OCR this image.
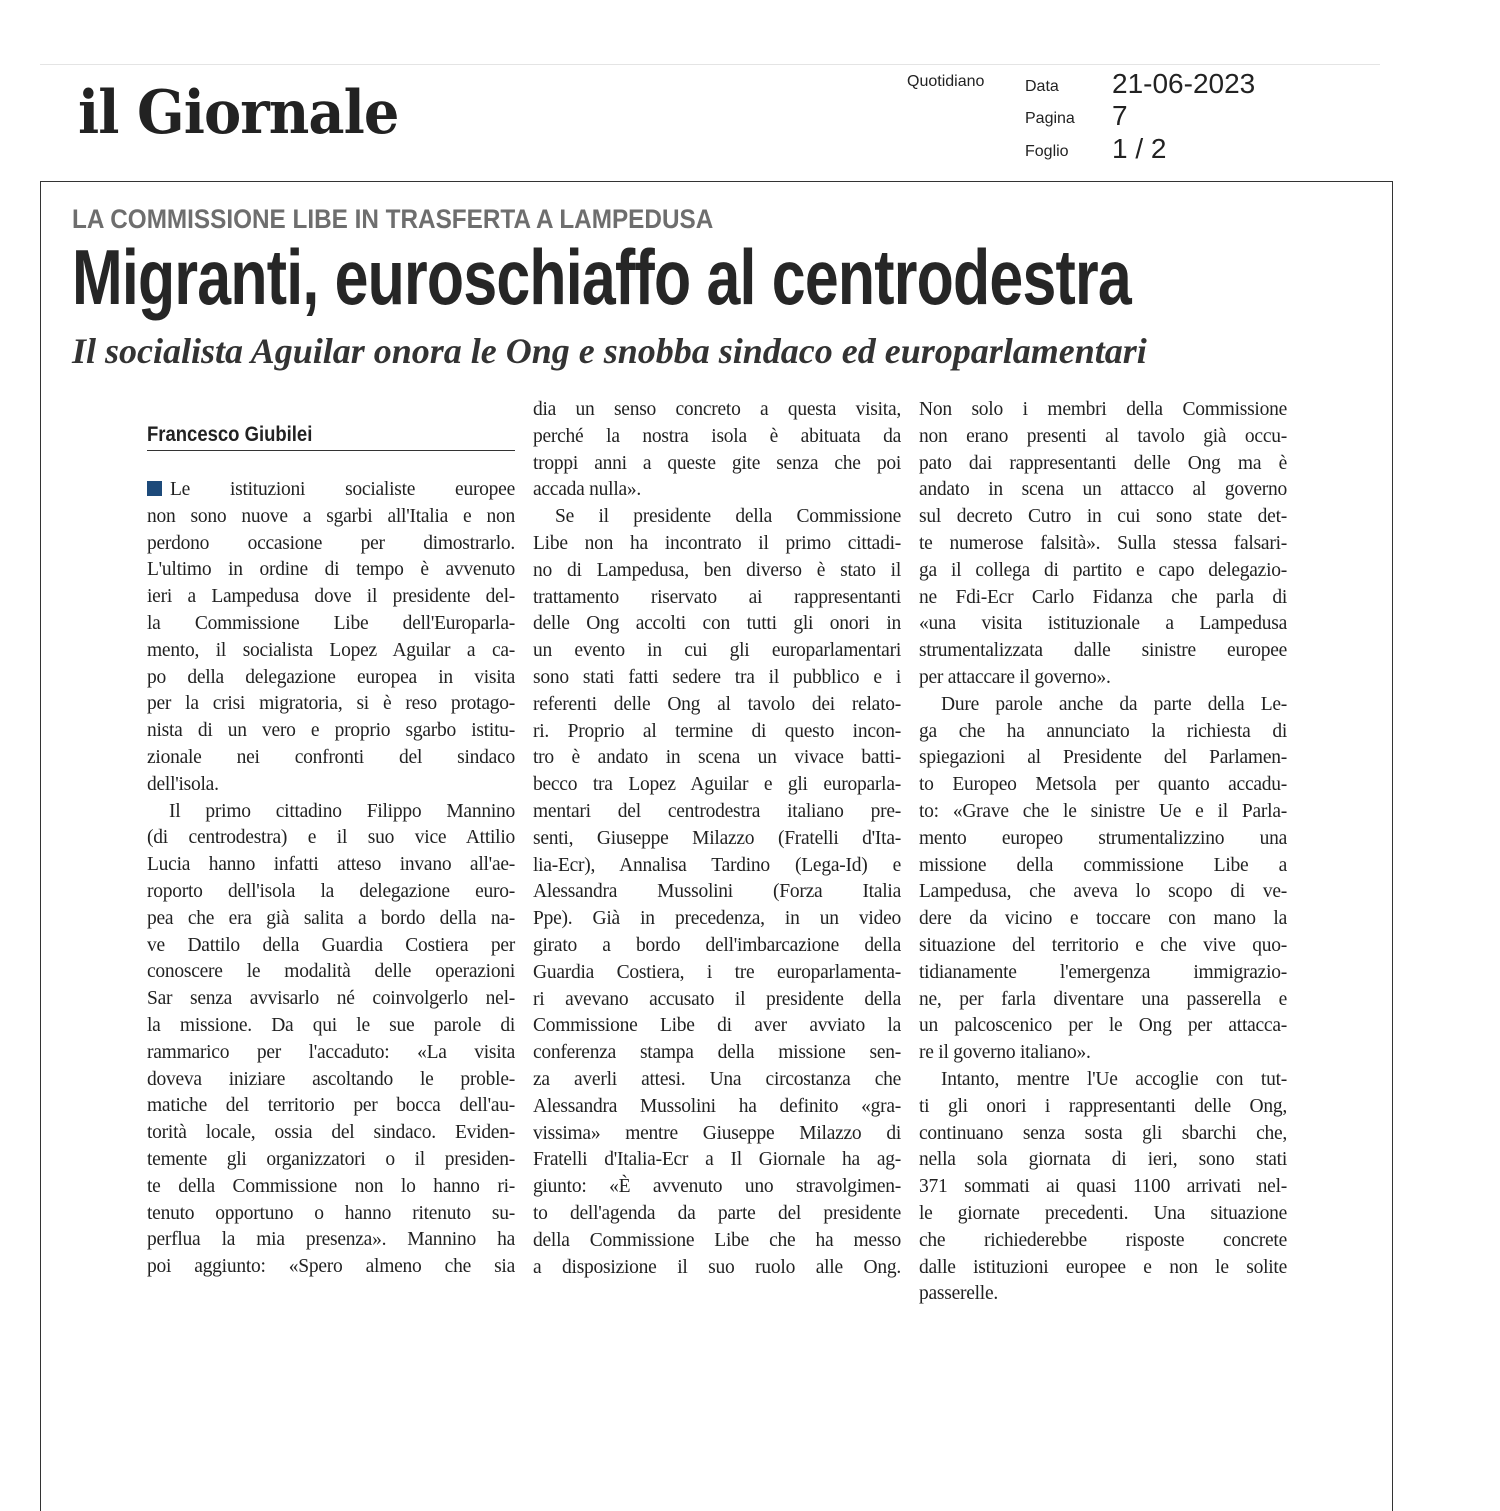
il Giornale	Quotidiano	Data 21-06-2023
Pagina 7
Foglio 1 / 2
LA COMMISSIONE LIBE IN TRASFERTA A LAMPEDUSA
Migranti, euroschiaffo al centrodestra
Il socialista Aguilar onora le Ong e snobba sindaco ed europarlamentari
Francesco Giubilei
Le istituzioni socialiste europee
non sono nuove a sgarbi all'Italia e non
perdono occasione per dimostrarlo.
L'ultimo in ordine di tempo è avvenuto
ieri a Lampedusa dove il presidente del-
la Commissione Libe dell'Europarla-
mento, il socialista Lopez Aguilar a ca-
po della delegazione europea in visita
per la crisi migratoria, si è reso protago-
nista di un vero e proprio sgarbo istitu-
zionale nei confronti del sindaco
dell'isola.
Il primo cittadino Filippo Mannino
(di centrodestra) e il suo vice Attilio
Lucia hanno infatti atteso invano all'ae-
roporto dell'isola la delegazione euro-
pea che era già salita a bordo della na-
ve Dattilo della Guardia Costiera per
conoscere le modalità delle operazioni
Sar senza avvisarlo né coinvolgerlo nel-
la missione. Da qui le sue parole di
rammarico per l'accaduto: «La visita
doveva iniziare ascoltando le proble-
matiche del territorio per bocca dell'au-
torità locale, ossia del sindaco. Eviden-
temente gli organizzatori o il presiden-
te della Commissione non lo hanno ri-
tenuto opportuno o hanno ritenuto su-
perflua la mia presenza». Mannino ha
poi aggiunto: «Spero almeno che sia
dia un senso concreto a questa visita,
perché la nostra isola è abituata da
troppi anni a queste gite senza che poi
accada nulla».
Se il presidente della Commissione
Libe non ha incontrato il primo cittadi-
no di Lampedusa, ben diverso è stato il
trattamento riservato ai rappresentanti
delle Ong accolti con tutti gli onori in
un evento in cui gli europarlamentari
sono stati fatti sedere tra il pubblico e i
referenti delle Ong al tavolo dei relato-
ri. Proprio al termine di questo incon-
tro è andato in scena un vivace batti-
becco tra Lopez Aguilar e gli europarla-
mentari del centrodestra italiano pre-
senti, Giuseppe Milazzo (Fratelli d'Ita-
lia-Ecr), Annalisa Tardino (Lega-Id) e
Alessandra Mussolini (Forza Italia
Ppe). Già in precedenza, in un video
girato a bordo dell'imbarcazione della
Guardia Costiera, i tre europarlamenta-
ri avevano accusato il presidente della
Commissione Libe di aver avviato la
conferenza stampa della missione sen-
za averli attesi. Una circostanza che
Alessandra Mussolini ha definito «gra-
vissima» mentre Giuseppe Milazzo di
Fratelli d'Italia-Ecr a Il Giornale ha ag-
giunto: «È avvenuto uno stravolgimen-
to dell'agenda da parte del presidente
della Commissione Libe che ha messo
a disposizione il suo ruolo alle Ong.
Non solo i membri della Commissione
non erano presenti al tavolo già occu-
pato dai rappresentanti delle Ong ma è
andato in scena un attacco al governo
sul decreto Cutro in cui sono state det-
te numerose falsità». Sulla stessa falsari-
ga il collega di partito e capo delegazio-
ne Fdi-Ecr Carlo Fidanza che parla di
«una visita istituzionale a Lampedusa
strumentalizzata dalle sinistre europee
per attaccare il governo».
Dure parole anche da parte della Le-
ga che ha annunciato la richiesta di
spiegazioni al Presidente del Parlamen-
to Europeo Metsola per quanto accadu-
to: «Grave che le sinistre Ue e il Parla-
mento europeo strumentalizzino una
missione della commissione Libe a
Lampedusa, che aveva lo scopo di ve-
dere da vicino e toccare con mano la
situazione del territorio e che vive quo-
tidianamente l'emergenza immigrazio-
ne, per farla diventare una passerella e
un palcoscenico per le Ong per attacca-
re il governo italiano».
Intanto, mentre l'Ue accoglie con tut-
ti gli onori i rappresentanti delle Ong,
continuano senza sosta gli sbarchi che,
nella sola giornata di ieri, sono stati
371 sommati ai quasi 1100 arrivati nel-
le giornate precedenti. Una situazione
che richiederebbe risposte concrete
dalle istituzioni europee e non le solite
passerelle.
